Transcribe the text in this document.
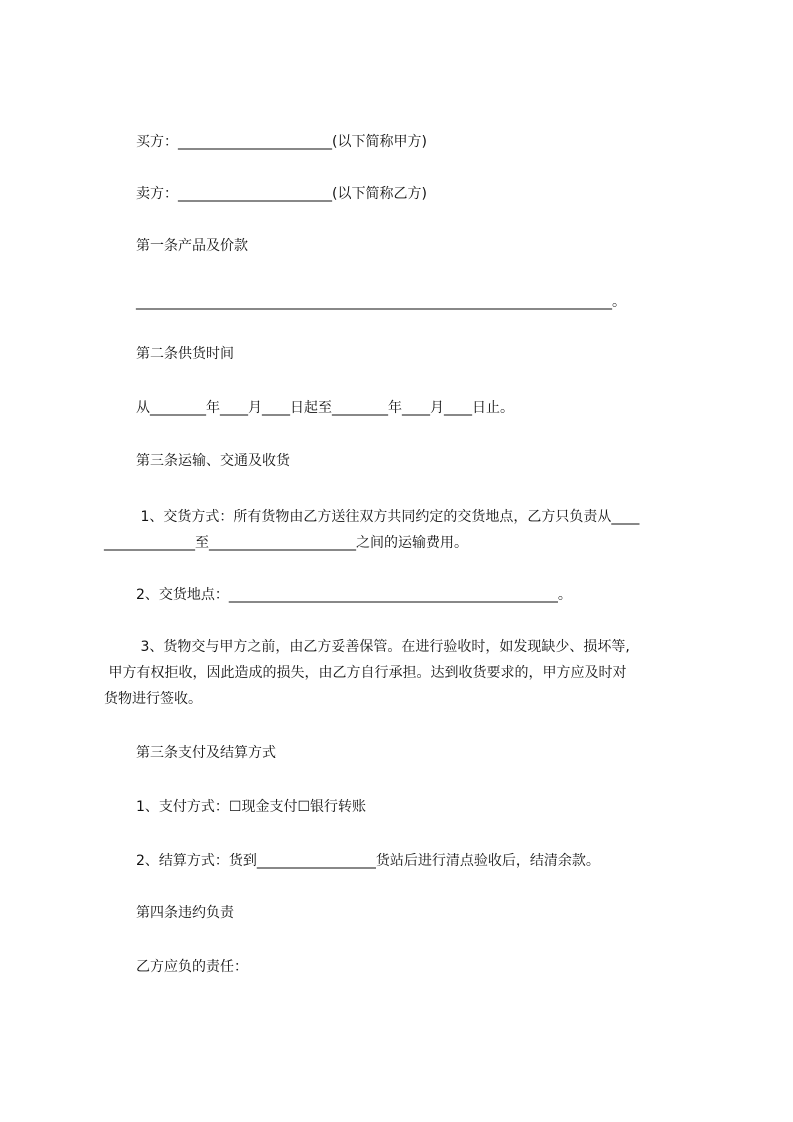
买方：______________________(以下简称甲方)
卖方：______________________(以下简称乙方)
第一条产品及价款
____________________________________________________________________。
第二条供货时间
从________年____月____日起至________年____月____日止。
第三条运输、交通及收货
1、交货方式：所有货物由乙方送往双方共同约定的交货地点，乙方只负责从____
_____________至_____________________之间的运输费用。
2、交货地点：_______________________________________________。
3、货物交与甲方之前，由乙方妥善保管。在进行验收时，如发现缺少、损坏等,
甲方有权拒收，因此造成的损失，由乙方自行承担。达到收货要求的，甲方应及时对
货物进行签收。
第三条支付及结算方式
1、支付方式：☐现金支付☐银行转账
2、结算方式：货到_________________货站后进行清点验收后，结清余款。
第四条违约负责
乙方应负的责任：
